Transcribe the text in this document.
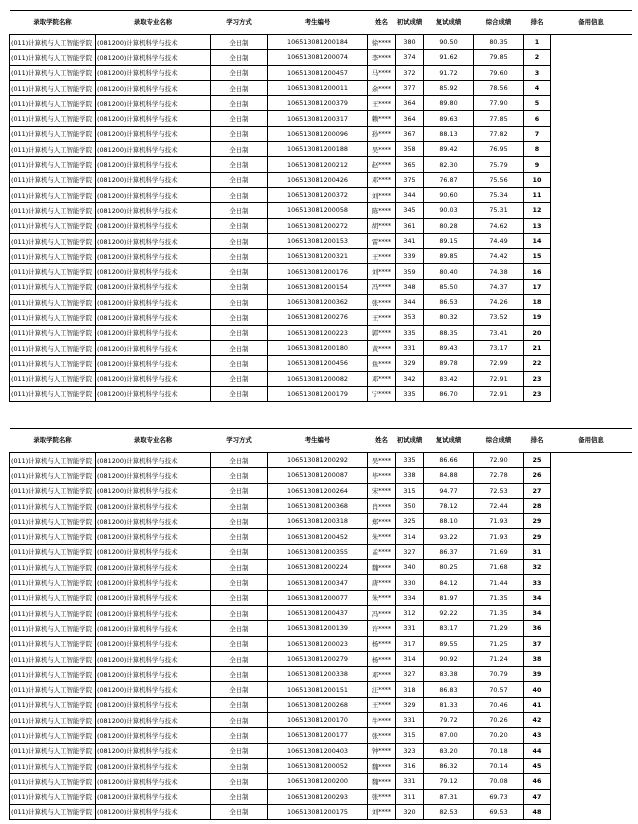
录取学院名称	录取专业名称	学习方式	考生编号	姓名	初试成绩	复试成绩	综合成绩	排名	备用信息
(011)计算机与人工智能学院	(081200)计算机科学与技术	全日制	106513081200184	徐****	380	90.50	80.35	1	
(011)计算机与人工智能学院	(081200)计算机科学与技术	全日制	106513081200074	李****	374	91.62	79.85	2	
(011)计算机与人工智能学院	(081200)计算机科学与技术	全日制	106513081200457	马****	372	91.72	79.60	3	
(011)计算机与人工智能学院	(081200)计算机科学与技术	全日制	106513081200011	余****	377	85.92	78.56	4	
(011)计算机与人工智能学院	(081200)计算机科学与技术	全日制	106513081200379	王****	364	89.80	77.90	5	
(011)计算机与人工智能学院	(081200)计算机科学与技术	全日制	106513081200317	赖****	364	89.63	77.85	6	
(011)计算机与人工智能学院	(081200)计算机科学与技术	全日制	106513081200096	孙****	367	88.13	77.82	7	
(011)计算机与人工智能学院	(081200)计算机科学与技术	全日制	106513081200188	吴****	358	89.42	76.95	8	
(011)计算机与人工智能学院	(081200)计算机科学与技术	全日制	106513081200212	赵****	365	82.30	75.79	9	
(011)计算机与人工智能学院	(081200)计算机科学与技术	全日制	106513081200426	邓****	375	76.87	75.56	10	
(011)计算机与人工智能学院	(081200)计算机科学与技术	全日制	106513081200372	刘****	344	90.60	75.34	11	
(011)计算机与人工智能学院	(081200)计算机科学与技术	全日制	106513081200058	陈****	345	90.03	75.31	12	
(011)计算机与人工智能学院	(081200)计算机科学与技术	全日制	106513081200272	胡****	361	80.28	74.62	13	
(011)计算机与人工智能学院	(081200)计算机科学与技术	全日制	106513081200153	雷****	341	89.15	74.49	14	
(011)计算机与人工智能学院	(081200)计算机科学与技术	全日制	106513081200321	王****	339	89.85	74.42	15	
(011)计算机与人工智能学院	(081200)计算机科学与技术	全日制	106513081200176	刘****	359	80.40	74.38	16	
(011)计算机与人工智能学院	(081200)计算机科学与技术	全日制	106513081200154	冯****	348	85.50	74.37	17	
(011)计算机与人工智能学院	(081200)计算机科学与技术	全日制	106513081200362	张****	344	86.53	74.26	18	
(011)计算机与人工智能学院	(081200)计算机科学与技术	全日制	106513081200276	王****	353	80.32	73.52	19	
(011)计算机与人工智能学院	(081200)计算机科学与技术	全日制	106513081200223	郭****	335	88.35	73.41	20	
(011)计算机与人工智能学院	(081200)计算机科学与技术	全日制	106513081200180	黄****	331	89.43	73.17	21	
(011)计算机与人工智能学院	(081200)计算机科学与技术	全日制	106513081200456	鱼****	329	89.78	72.99	22	
(011)计算机与人工智能学院	(081200)计算机科学与技术	全日制	106513081200082	邓****	342	83.42	72.91	23	
(011)计算机与人工智能学院	(081200)计算机科学与技术	全日制	106513081200179	宁****	335	86.70	72.91	23	
录取学院名称	录取专业名称	学习方式	考生编号	姓名	初试成绩	复试成绩	综合成绩	排名	备用信息
(011)计算机与人工智能学院	(081200)计算机科学与技术	全日制	106513081200292	吴****	335	86.66	72.90	25	
(011)计算机与人工智能学院	(081200)计算机科学与技术	全日制	106513081200087	毕****	338	84.88	72.78	26	
(011)计算机与人工智能学院	(081200)计算机科学与技术	全日制	106513081200264	宋****	315	94.77	72.53	27	
(011)计算机与人工智能学院	(081200)计算机科学与技术	全日制	106513081200368	肖****	350	78.12	72.44	28	
(011)计算机与人工智能学院	(081200)计算机科学与技术	全日制	106513081200318	郑****	325	88.10	71.93	29	
(011)计算机与人工智能学院	(081200)计算机科学与技术	全日制	106513081200452	朱****	314	93.22	71.93	29	
(011)计算机与人工智能学院	(081200)计算机科学与技术	全日制	106513081200355	孟****	327	86.37	71.69	31	
(011)计算机与人工智能学院	(081200)计算机科学与技术	全日制	106513081200224	魏****	340	80.25	71.68	32	
(011)计算机与人工智能学院	(081200)计算机科学与技术	全日制	106513081200347	唐****	330	84.12	71.44	33	
(011)计算机与人工智能学院	(081200)计算机科学与技术	全日制	106513081200077	朱****	334	81.97	71.35	34	
(011)计算机与人工智能学院	(081200)计算机科学与技术	全日制	106513081200437	冯****	312	92.22	71.35	34	
(011)计算机与人工智能学院	(081200)计算机科学与技术	全日制	106513081200139	许****	331	83.17	71.29	36	
(011)计算机与人工智能学院	(081200)计算机科学与技术	全日制	106513081200023	杨****	317	89.55	71.25	37	
(011)计算机与人工智能学院	(081200)计算机科学与技术	全日制	106513081200279	杨****	314	90.92	71.24	38	
(011)计算机与人工智能学院	(081200)计算机科学与技术	全日制	106513081200338	邓****	327	83.38	70.79	39	
(011)计算机与人工智能学院	(081200)计算机科学与技术	全日制	106513081200151	汪****	318	86.83	70.57	40	
(011)计算机与人工智能学院	(081200)计算机科学与技术	全日制	106513081200268	王****	329	81.33	70.46	41	
(011)计算机与人工智能学院	(081200)计算机科学与技术	全日制	106513081200170	牛****	331	79.72	70.26	42	
(011)计算机与人工智能学院	(081200)计算机科学与技术	全日制	106513081200177	张****	315	87.00	70.20	43	
(011)计算机与人工智能学院	(081200)计算机科学与技术	全日制	106513081200403	钟****	323	83.20	70.18	44	
(011)计算机与人工智能学院	(081200)计算机科学与技术	全日制	106513081200052	魏****	316	86.32	70.14	45	
(011)计算机与人工智能学院	(081200)计算机科学与技术	全日制	106513081200200	魏****	331	79.12	70.08	46	
(011)计算机与人工智能学院	(081200)计算机科学与技术	全日制	106513081200293	张****	311	87.31	69.73	47	
(011)计算机与人工智能学院	(081200)计算机科学与技术	全日制	106513081200175	刘****	320	82.53	69.53	48	
